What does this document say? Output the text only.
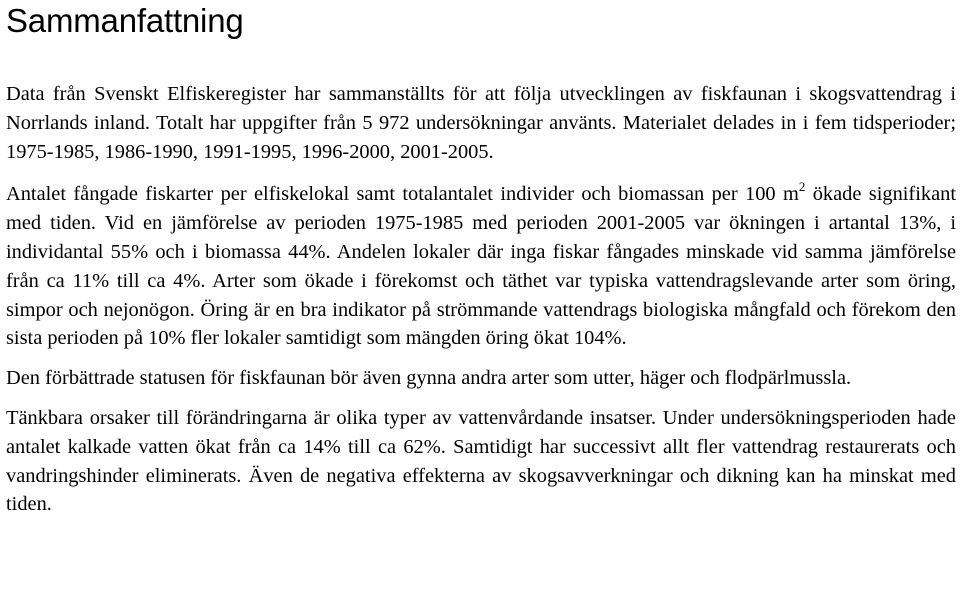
Sammanfattning

Data från Svenskt Elfiskeregister har sammanställts för att följa utvecklingen av fiskfaunan i skogsvattendrag i Norrlands inland. Totalt har uppgifter från 5 972 undersökningar använts. Materialet delades in i fem tidsperioder; 1975-1985, 1986-1990, 1991-1995, 1996-2000, 2001-2005.

Antalet fångade fiskarter per elfiskelokal samt totalantalet individer och biomassan per 100 $m^2$ ökade signifikant med tiden. Vid en jämförelse av perioden 1975-1985 med perioden 2001-2005 var ökningen i artantal 13%, i individantal 55% och i biomassa 44%. Andelen lokaler där inga fiskar fångades minskade vid samma jämförelse från ca 11% till ca 4%. Arter som ökade i förekomst och täthet var typiska vattendragslevande arter som öring, simpor och nejonögon. Öring är en bra indikator på strömmande vattendrags biologiska mångfald och förekom den sista perioden på 10% fler lokaler samtidigt som mängden öring ökat 104%.

Den förbättrade statusen för fiskfaunan bör även gynna andra arter som utter, häger och flodpärlmussla.

Tänkbara orsaker till förändringarna är olika typer av vattenvårdande insatser. Under undersökningsperioden hade antalet kalkade vatten ökat från ca 14% till ca 62%. Samtidigt har successivt allt fler vattendrag restaurerats och vandringshinder eliminerats. Även de negativa effekterna av skogsavverkningar och dikning kan ha minskat med tiden.
